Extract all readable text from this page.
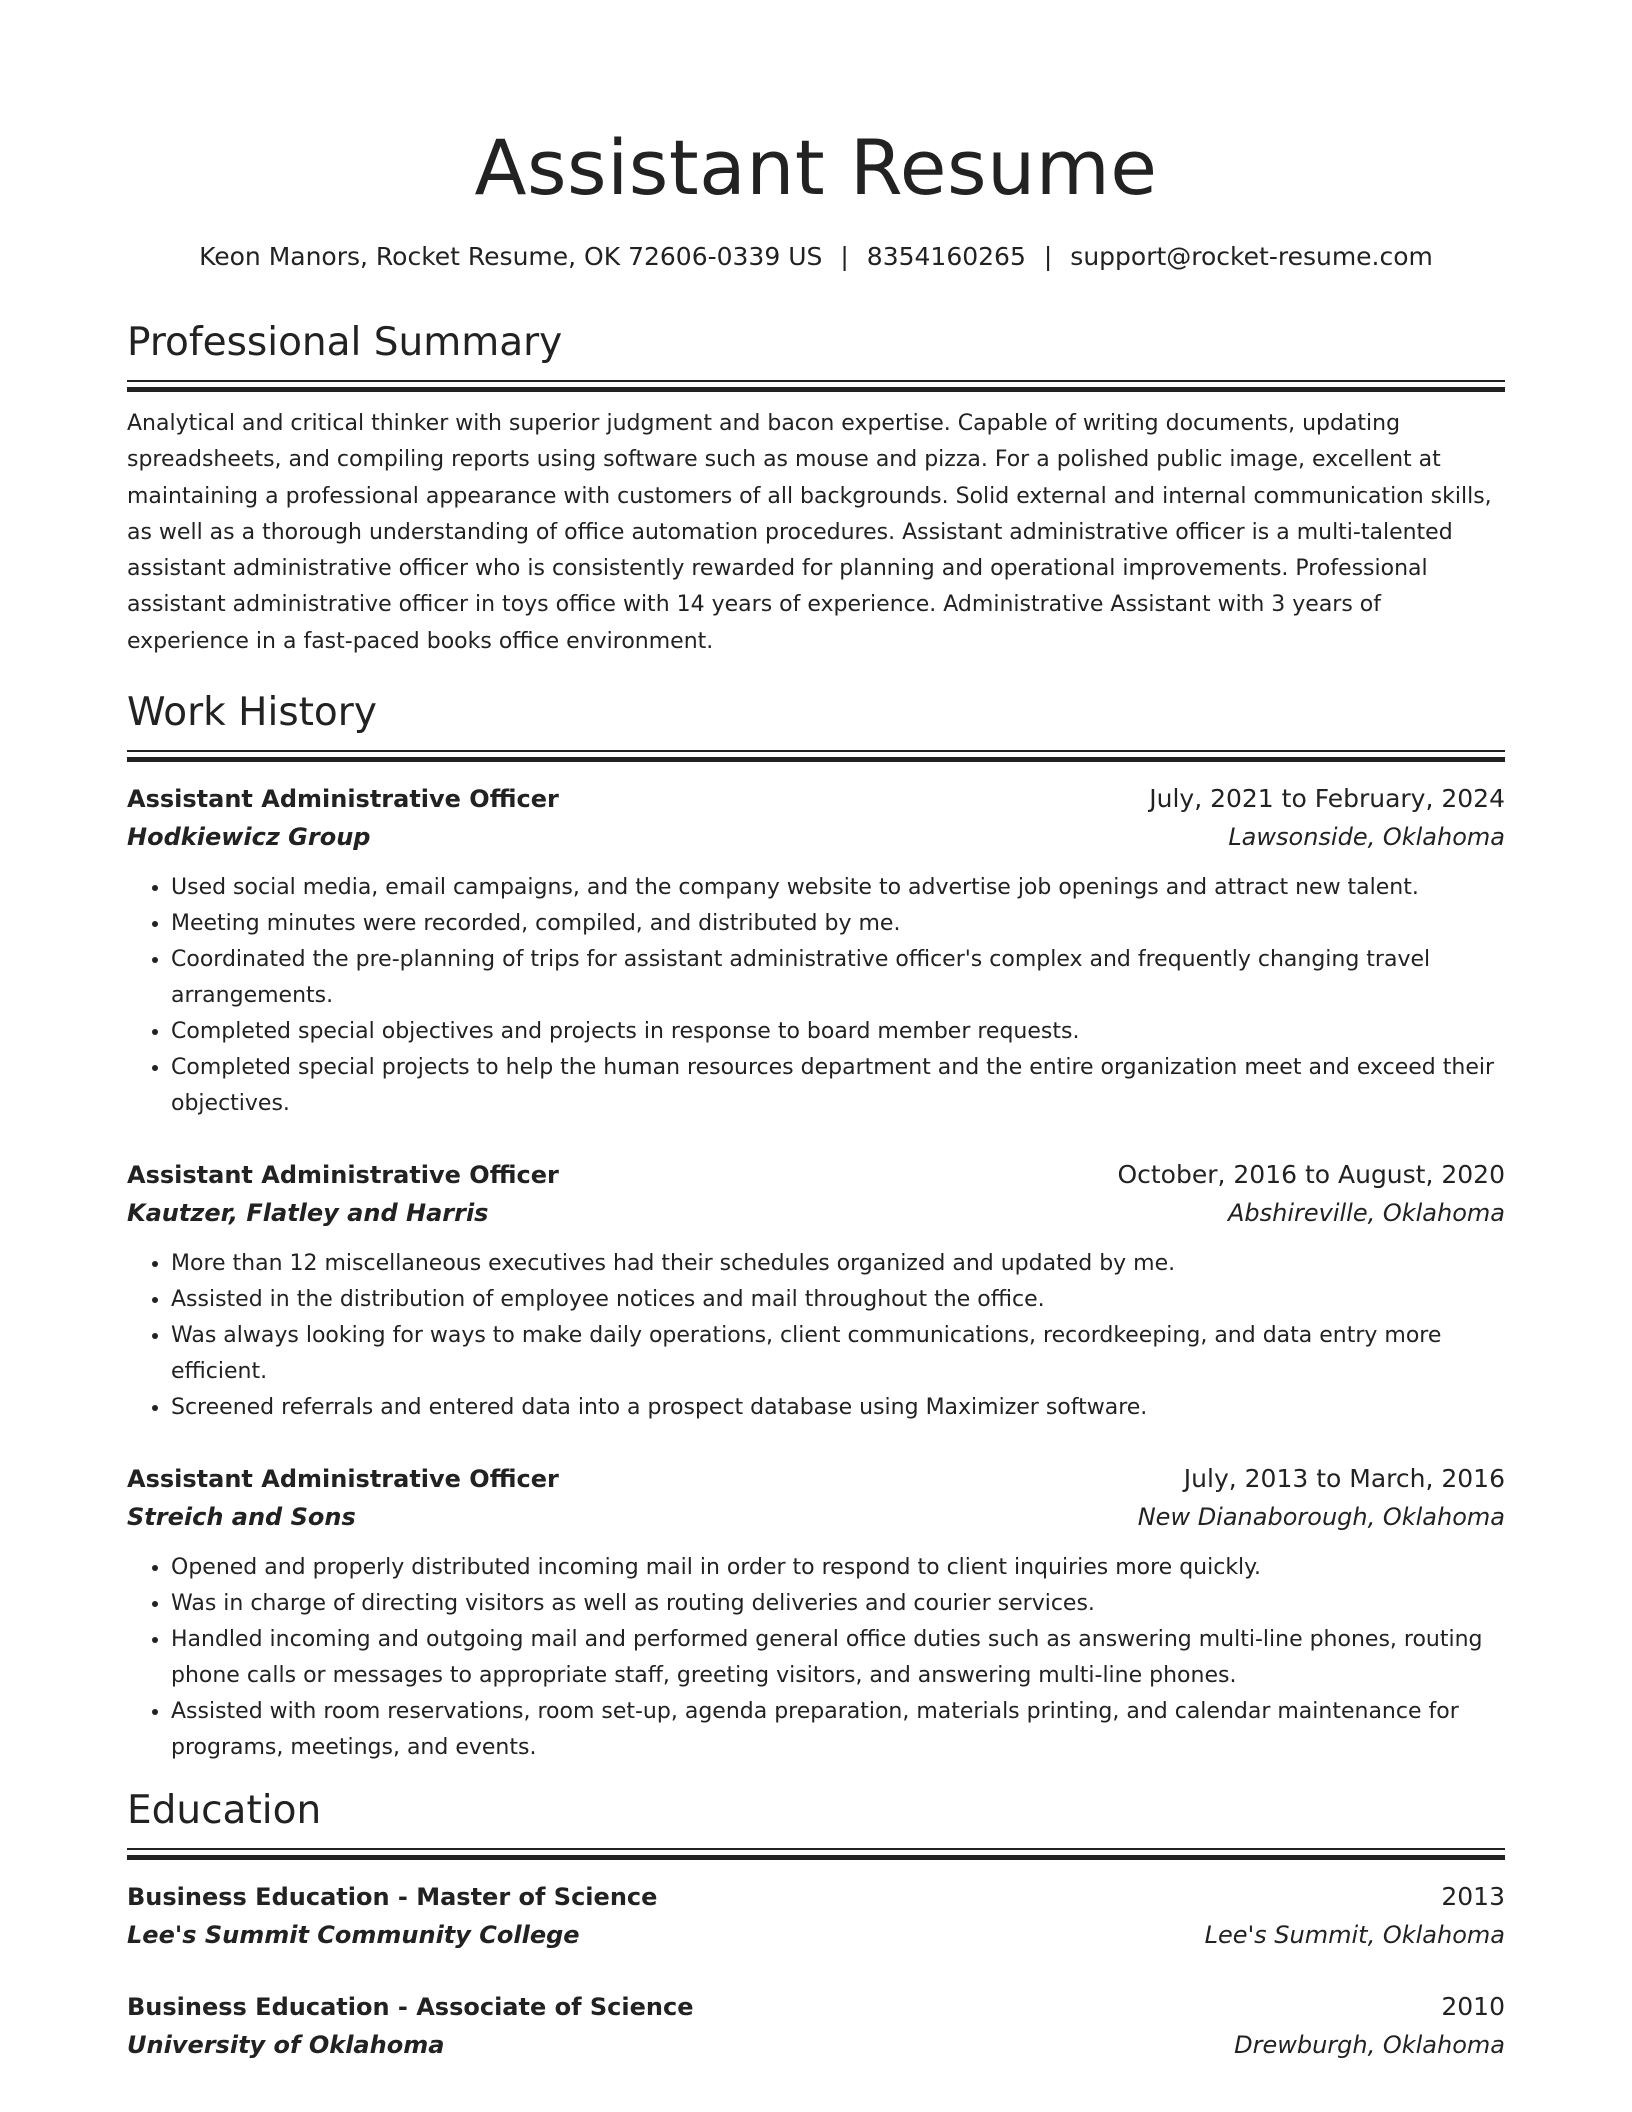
Assistant Resume
Keon Manors, Rocket Resume, OK 72606-0339 US | 8354160265 | support@rocket-resume.com
Professional Summary

Analytical and critical thinker with superior judgment and bacon expertise. Capable of writing documents, updating spreadsheets, and compiling reports using software such as mouse and pizza. For a polished public image, excellent at maintaining a professional appearance with customers of all backgrounds. Solid external and internal communication skills, as well as a thorough understanding of office automation procedures. Assistant administrative officer is a multi-talented assistant administrative officer who is consistently rewarded for planning and operational improvements. Professional assistant administrative officer in toys office with 14 years of experience. Administrative Assistant with 3 years of experience in a fast-paced books office environment.

Work History
Assistant Administrative Officer	July, 2021 to February, 2024
Hodkiewicz Group	Lawsonside, Oklahoma
• Used social media, email campaigns, and the company website to advertise job openings and attract new talent.
• Meeting minutes were recorded, compiled, and distributed by me.
• Coordinated the pre-planning of trips for assistant administrative officer's complex and frequently changing travel arrangements.
• Completed special objectives and projects in response to board member requests.
• Completed special projects to help the human resources department and the entire organization meet and exceed their objectives.
Assistant Administrative Officer	October, 2016 to August, 2020
Kautzer, Flatley and Harris	Abshireville, Oklahoma
• More than 12 miscellaneous executives had their schedules organized and updated by me.
• Assisted in the distribution of employee notices and mail throughout the office.
• Was always looking for ways to make daily operations, client communications, recordkeeping, and data entry more efficient.
• Screened referrals and entered data into a prospect database using Maximizer software.
Assistant Administrative Officer	July, 2013 to March, 2016
Streich and Sons	New Dianaborough, Oklahoma
• Opened and properly distributed incoming mail in order to respond to client inquiries more quickly.
• Was in charge of directing visitors as well as routing deliveries and courier services.
• Handled incoming and outgoing mail and performed general office duties such as answering multi-line phones, routing phone calls or messages to appropriate staff, greeting visitors, and answering multi-line phones.
• Assisted with room reservations, room set-up, agenda preparation, materials printing, and calendar maintenance for programs, meetings, and events.
Education
Business Education - Master of Science	2013
Lee's Summit Community College	Lee's Summit, Oklahoma
Business Education - Associate of Science	2010
University of Oklahoma	Drewburgh, Oklahoma
